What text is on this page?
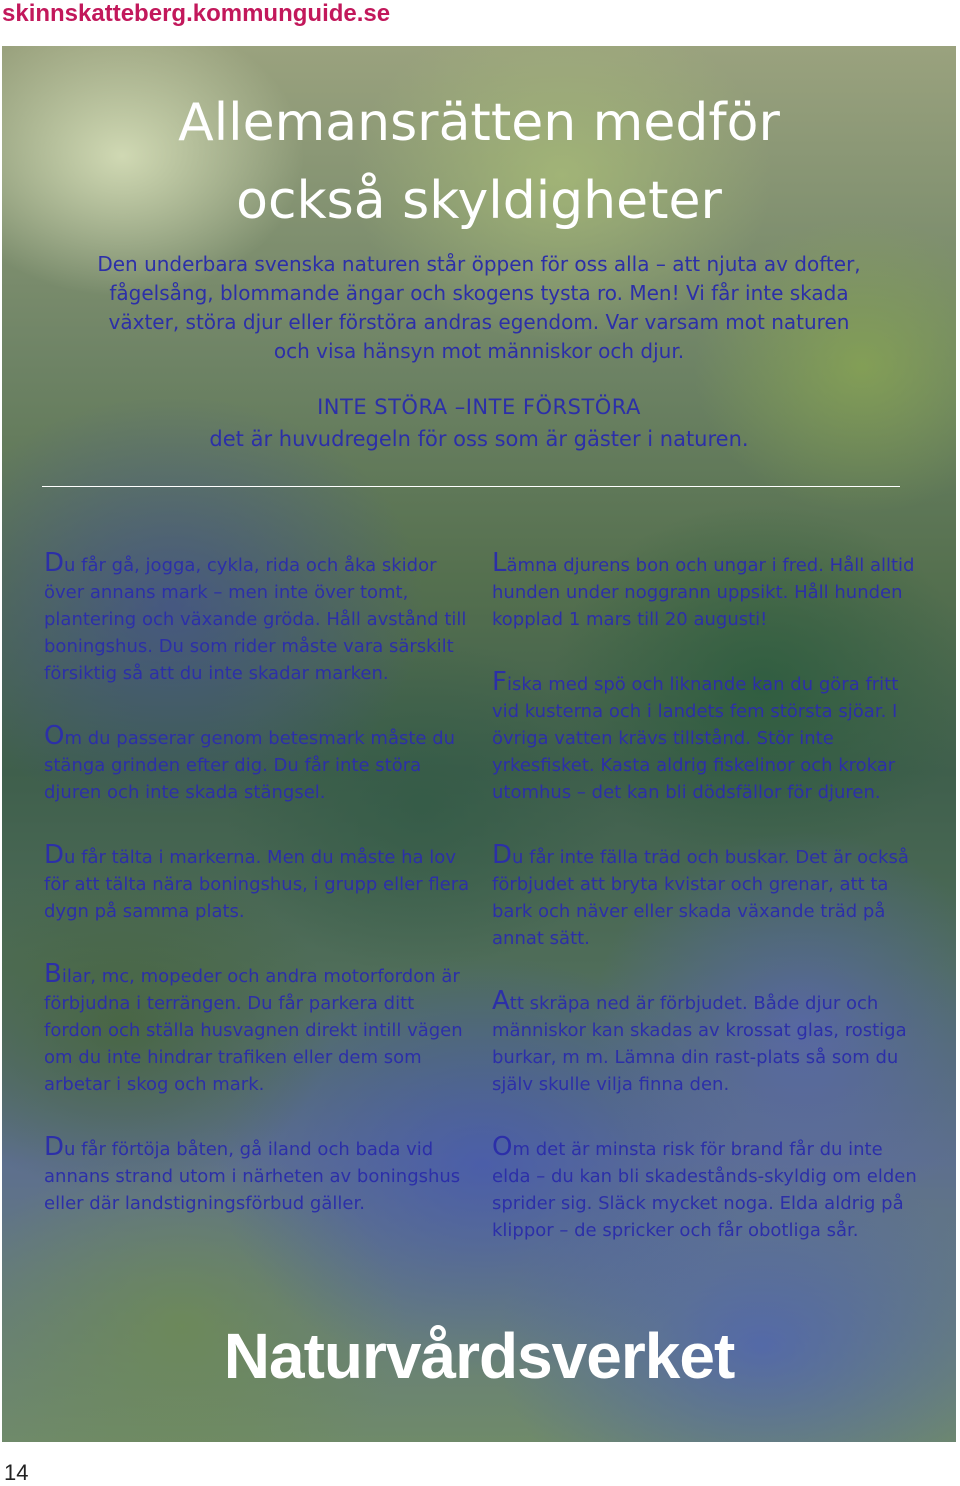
skinnskatteberg.kommunguide.se
Allemansrätten medför
också skyldigheter

Den underbara svenska naturen står öppen för oss alla – att njuta av dofter, fågelsång, blommande ängar och skogens tysta ro. Men! Vi får inte skada växter, störa djur eller förstöra andras egendom. Var varsam mot naturen och visa hänsyn mot människor och djur.

INTE STÖRA –INTE FÖRSTÖRA
det är huvudregeln för oss som är gäster i naturen.

Du får gå, jogga, cykla, rida och åka skidor över annans mark – men inte över tomt, plantering och växande gröda. Håll avstånd till boningshus. Du som rider måste vara särskilt försiktig så att du inte skadar marken.

Om du passerar genom betesmark måste du stänga grinden efter dig. Du får inte störa djuren och inte skada stängsel.

Du får tälta i markerna. Men du måste ha lov för att tälta nära boningshus, i grupp eller flera dygn på samma plats.

Bilar, mc, mopeder och andra motorfordon är förbjudna i terrängen. Du får parkera ditt fordon och ställa husvagnen direkt intill vägen om du inte hindrar trafiken eller dem som arbetar i skog och mark.

Du får förtöja båten, gå iland och bada vid annans strand utom i närheten av boningshus eller där landstigningsförbud gäller.

Lämna djurens bon och ungar i fred. Håll alltid hunden under noggrann uppsikt. Håll hunden kopplad 1 mars till 20 augusti!

Fiska med spö och liknande kan du göra fritt vid kusterna och i landets fem största sjöar. I övriga vatten krävs tillstånd. Stör inte yrkesfisket. Kasta aldrig fiskelinor och krokar utomhus – det kan bli dödsfällor för djuren.

Du får inte fälla träd och buskar. Det är också förbjudet att bryta kvistar och grenar, att ta bark och näver eller skada växande träd på annat sätt.

Att skräpa ned är förbjudet. Både djur och människor kan skadas av krossat glas, rostiga burkar, m m. Lämna din rast-plats så som du själv skulle vilja finna den.

Om det är minsta risk för brand får du inte elda – du kan bli skadestånds-skyldig om elden sprider sig. Släck mycket noga. Elda aldrig på klippor – de spricker och får obotliga sår.

Naturvårdsverket
14
